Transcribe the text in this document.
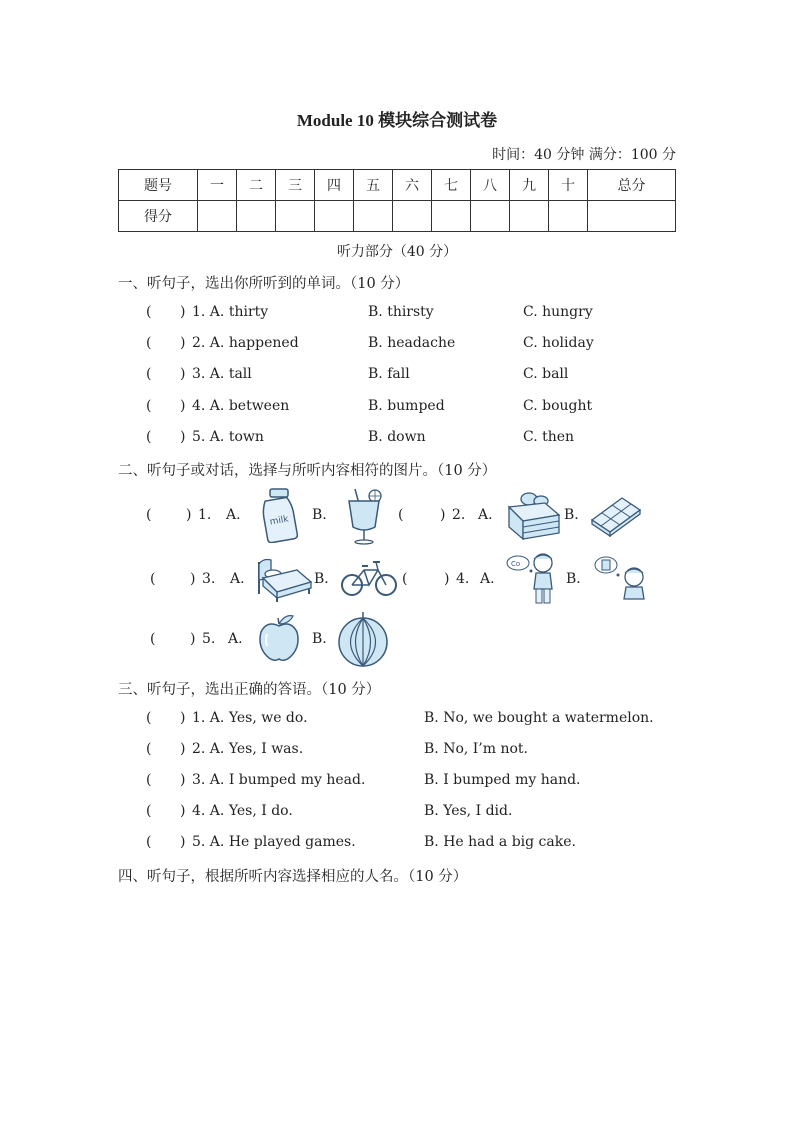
Module 10 模块综合测试卷
时间：40 分钟 满分：100 分
题号	一	二	三	四	五	六	七	八	九	十	总分
得分											
听力部分（40 分）
一、听句子，选出你所听到的单词。（10 分）
( ) 1. A. thirty	B. thirsty	C. hungry
( ) 2. A. happened	B. headache	C. holiday
( ) 3. A. tall	B. fall	C. ball
( ) 4. A. between	B. bumped	C. bought
( ) 5. A. town	B. down	C. then
二、听句子或对话，选择与所听内容相符的图片。（10 分）
( ) 1. A.	B.	(	) 2. A.	B.
milk
( ) 3. A.	B.	(	) 4. A.	B.
Co
( ) 5. A.	B.
三、听句子，选出正确的答语。（10 分）
( ) 1. A. Yes, we do.	B. No, we bought a watermelon.
( ) 2. A. Yes, I was.	B. No, I’m not.
( ) 3. A. I bumped my head.	B. I bumped my hand.
( ) 4. A. Yes, I do.	B. Yes, I did.
( ) 5. A. He played games.	B. He had a big cake.
四、听句子，根据所听内容选择相应的人名。（10 分）
